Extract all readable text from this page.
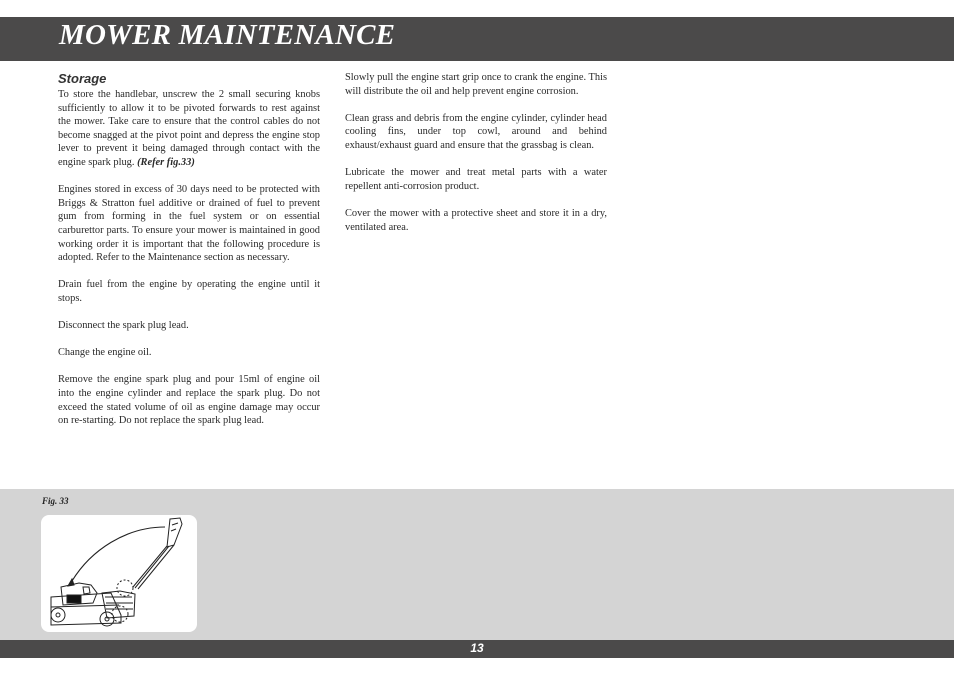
MOWER MAINTENANCE
Storage

To store the handlebar, unscrew the 2 small securing knobs sufficiently to allow it to be pivoted forwards to rest against the mower. Take care to ensure that the control cables do not become snagged at the pivot point and depress the engine stop lever to prevent it being damaged through contact with the engine spark plug. (Refer fig.33)

Engines stored in excess of 30 days need to be protected with Briggs & Stratton fuel additive or drained of fuel to prevent gum from forming in the fuel system or on essential carburettor parts. To ensure your mower is maintained in good working order it is important that the following procedure is adopted. Refer to the Maintenance section as necessary.

Drain fuel from the engine by operating the engine until it stops.

Disconnect the spark plug lead.

Change the engine oil.

Remove the engine spark plug and pour 15ml of engine oil into the engine cylinder and replace the spark plug. Do not exceed the stated volume of oil as engine damage may occur on re-starting. Do not replace the spark plug lead.

Slowly pull the engine start grip once to crank the engine. This will distribute the oil and help prevent engine corrosion.

Clean grass and debris from the engine cylinder, cylinder head cooling fins, under top cowl, around and behind exhaust/exhaust guard and ensure that the grassbag is clean.

Lubricate the mower and treat metal parts with a water repellent anti-corrosion product.

Cover the mower with a protective sheet and store it in a dry, ventilated area.

Fig. 33
13
